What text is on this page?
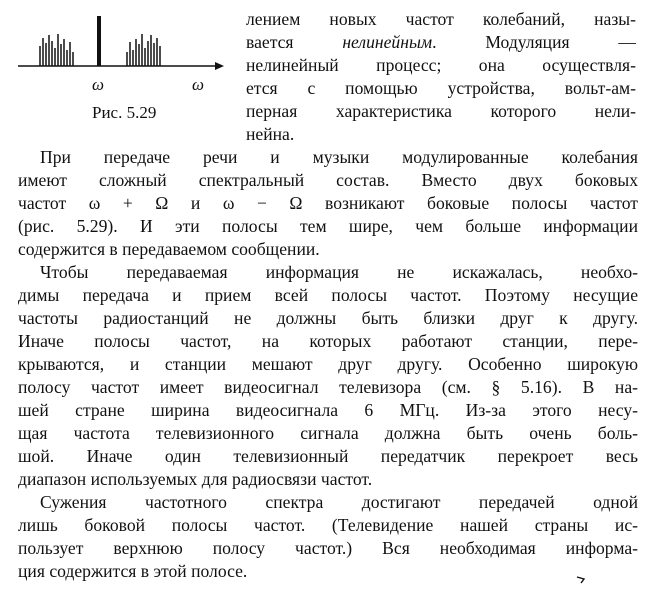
ω	ω
Рис. 5.29
лением новых частот колебаний, назы-
вается	нелинейным. Модуляция —
нелинейный процесс; она осуществля-
ется с помощью устройства, вольт-ам-
перная характеристика которого нели-
нейна.
При передаче речи и музыки модулированные колебания
имеют сложный спектральный состав. Вместо двух боковых
частот ω + Ω и ω − Ω возникают боковые полосы частот
(рис. 5.29). И эти полосы тем шире, чем больше информации
содержится в передаваемом сообщении.
Чтобы передаваемая информация не искажалась, необхо-
димы передача и прием всей полосы частот. Поэтому несущие
частоты радиостанций не должны быть близки друг к другу.
Иначе полосы частот, на которых работают станции, пере-
крываются, и станции мешают друг другу. Особенно широкую
полосу частот имеет видеосигнал телевизора (см. § 5.16). В на-
шей стране ширина видеосигнала 6 МГц. Из-за этого несу-
щая частота телевизионного сигнала должна быть очень боль-
шой. Иначе один телевизионный передатчик перекроет весь
диапазон используемых для радиосвязи частот.
Сужения частотного спектра достигают передачей одной
лишь боковой полосы частот. (Телевидение нашей страны ис-
пользует верхнюю полосу частот.) Вся необходимая информа-
ция содержится в этой полосе.
